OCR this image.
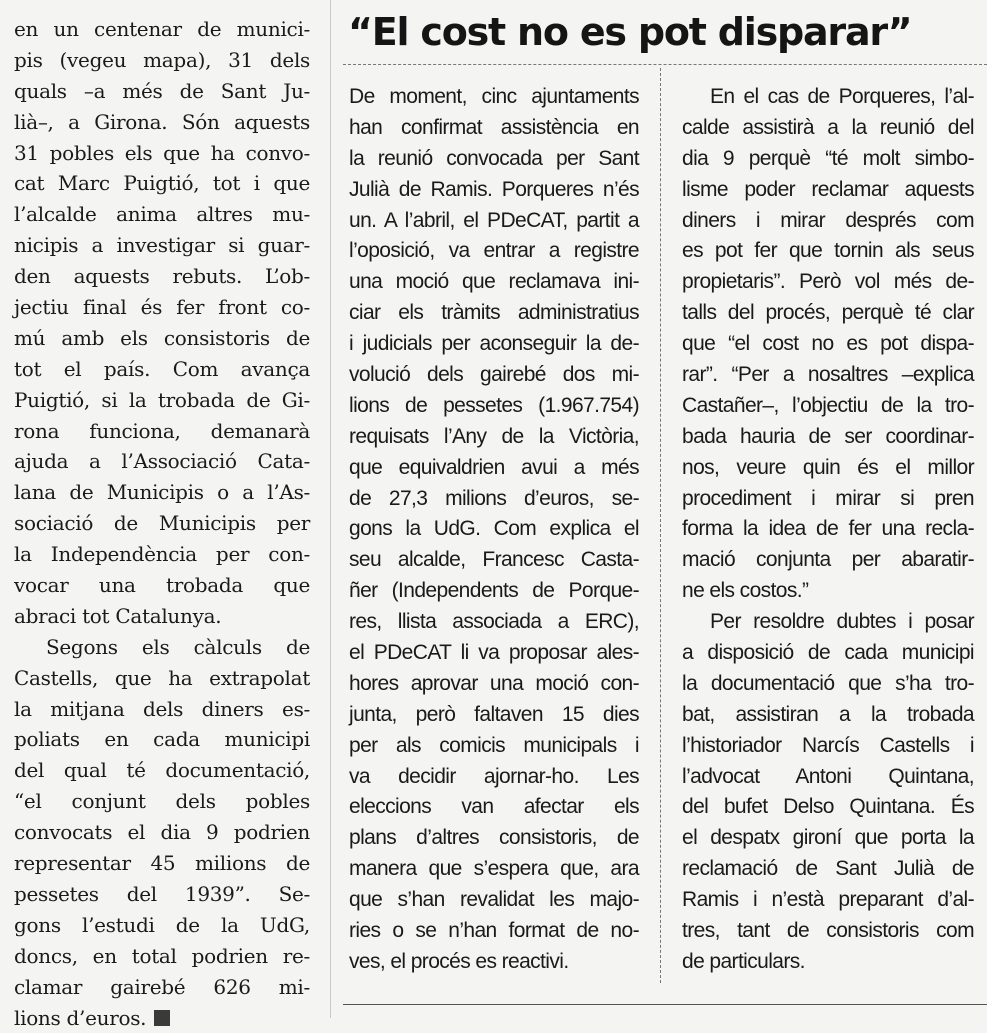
en un centenar de munici-
pis (vegeu mapa), 31 dels
quals –a més de Sant Ju-
lià–, a Girona. Són aquests
31 pobles els que ha convo-
cat Marc Puigtió, tot i que
l’alcalde anima altres mu-
nicipis a investigar si guar-
den aquests rebuts. L’ob-
jectiu final és fer front co-
mú amb els consistoris de
tot el país. Com avança
Puigtió, si la trobada de Gi-
rona funciona, demanarà
ajuda a l’Associació Cata-
lana de Municipis o a l’As-
sociació de Municipis per
la Independència per con-
vocar una trobada que
abraci tot Catalunya.
Segons els càlculs de
Castells, que ha extrapolat
la mitjana dels diners es-
poliats en cada municipi
del qual té documentació,
“el conjunt dels pobles
convocats el dia 9 podrien
representar 45 milions de
pessetes del 1939”. Se-
gons l’estudi de la UdG,
doncs, en total podrien re-
clamar gairebé 626 mi-
lions d’euros.
“El cost no es pot disparar”
De moment, cinc ajuntaments
han confirmat assistència en
la reunió convocada per Sant
Julià de Ramis. Porqueres n’és
un. A l’abril, el PDeCAT, partit a
l’oposició, va entrar a registre
una moció que reclamava ini-
ciar els tràmits administratius
i judicials per aconseguir la de-
volució dels gairebé dos mi-
lions de pessetes (1.967.754)
requisats l’Any de la Victòria,
que equivaldrien avui a més
de 27,3 milions d’euros, se-
gons la UdG. Com explica el
seu alcalde, Francesc Casta-
ñer (Independents de Porque-
res, llista associada a ERC),
el PDeCAT li va proposar ales-
hores aprovar una moció con-
junta, però faltaven 15 dies
per als comicis municipals i
va decidir ajornar-ho. Les
eleccions van afectar els
plans d’altres consistoris, de
manera que s’espera que, ara
que s’han revalidat les majo-
ries o se n’han format de no-
ves, el procés es reactivi.
En el cas de Porqueres, l’al-
calde assistirà a la reunió del
dia 9 perquè “té molt simbo-
lisme poder reclamar aquests
diners i mirar després com
es pot fer que tornin als seus
propietaris”. Però vol més de-
talls del procés, perquè té clar
que “el cost no es pot dispa-
rar”. “Per a nosaltres –explica
Castañer–, l’objectiu de la tro-
bada hauria de ser coordinar-
nos, veure quin és el millor
procediment i mirar si pren
forma la idea de fer una recla-
mació conjunta per abaratir-
ne els costos.”
Per resoldre dubtes i posar
a disposició de cada municipi
la documentació que s’ha tro-
bat, assistiran a la trobada
l’historiador Narcís Castells i
l’advocat Antoni Quintana,
del bufet Delso Quintana. És
el despatx gironí que porta la
reclamació de Sant Julià de
Ramis i n’està preparant d’al-
tres, tant de consistoris com
de particulars.
